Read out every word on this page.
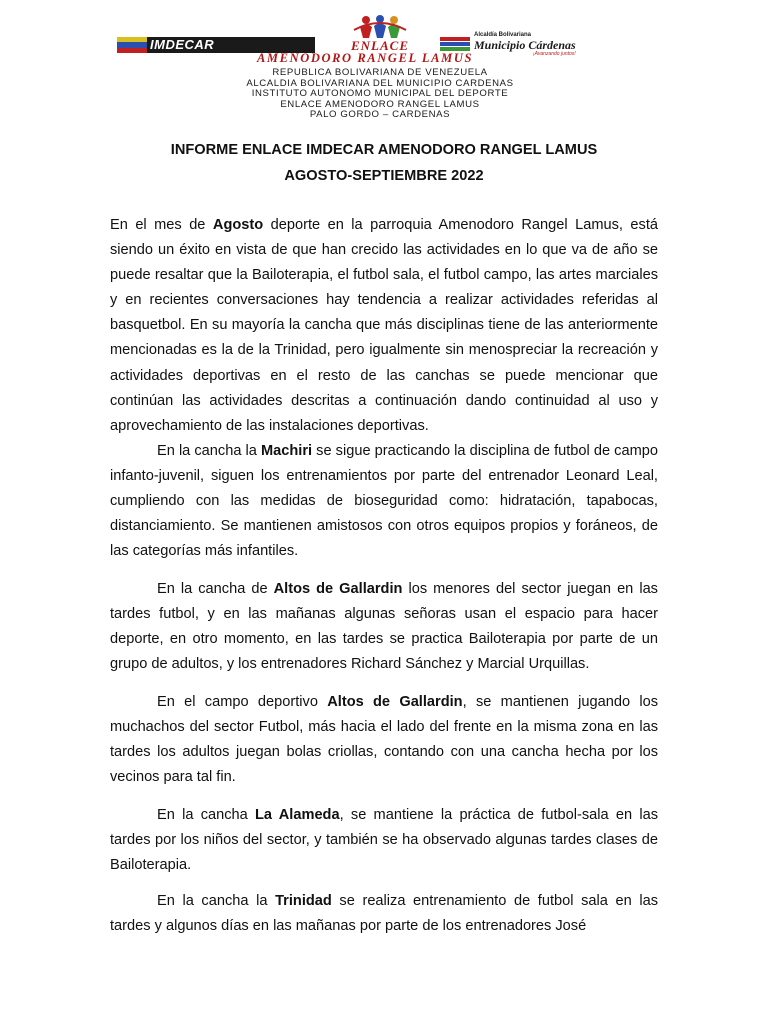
IMDECAR	ENLACE
Alcaldía Bolivariana
Municipio Cárdenas
¡Avanzando juntos!
AMENODORO RANGEL LAMUS
REPUBLICA BOLIVARIANA DE VENEZUELA
ALCALDIA BOLIVARIANA DEL MUNICIPIO CARDENAS
INSTITUTO AUTONOMO MUNICIPAL DEL DEPORTE
ENLACE AMENODORO RANGEL LAMUS
PALO GORDO – CARDENAS
INFORME ENLACE IMDECAR AMENODORO RANGEL LAMUS
AGOSTO-SEPTIEMBRE 2022
En el mes de Agosto deporte en la parroquia Amenodoro Rangel Lamus, está siendo un éxito en vista de que han crecido las actividades en lo que va de año se puede resaltar que la Bailoterapia, el futbol sala, el futbol campo, las artes marciales y en recientes conversaciones hay tendencia a realizar actividades referidas al basquetbol. En su mayoría la cancha que más disciplinas tiene de las anteriormente mencionadas es la de la Trinidad, pero igualmente sin menospreciar la recreación y actividades deportivas en el resto de las canchas se puede mencionar que continúan las actividades descritas a continuación dando continuidad al uso y aprovechamiento de las instalaciones deportivas.
En la cancha la Machiri se sigue practicando la disciplina de futbol de campo infanto-juvenil, siguen los entrenamientos por parte del entrenador Leonard Leal, cumpliendo con las medidas de bioseguridad como: hidratación, tapabocas, distanciamiento. Se mantienen amistosos con otros equipos propios y foráneos, de las categorías más infantiles.
En la cancha de Altos de Gallardin los menores del sector juegan en las tardes futbol, y en las mañanas algunas señoras usan el espacio para hacer deporte, en otro momento, en las tardes se practica Bailoterapia por parte de un grupo de adultos, y los entrenadores Richard Sánchez y Marcial Urquillas.
En el campo deportivo Altos de Gallardin, se mantienen jugando los muchachos del sector Futbol, más hacia el lado del frente en la misma zona en las tardes los adultos juegan bolas criollas, contando con una cancha hecha por los vecinos para tal fin.
En la cancha La Alameda, se mantiene la práctica de futbol-sala en las tardes por los niños del sector, y también se ha observado algunas tardes clases de Bailoterapia.
En la cancha la Trinidad se realiza entrenamiento de futbol sala en las tardes y algunos días en las mañanas por parte de los entrenadores José
